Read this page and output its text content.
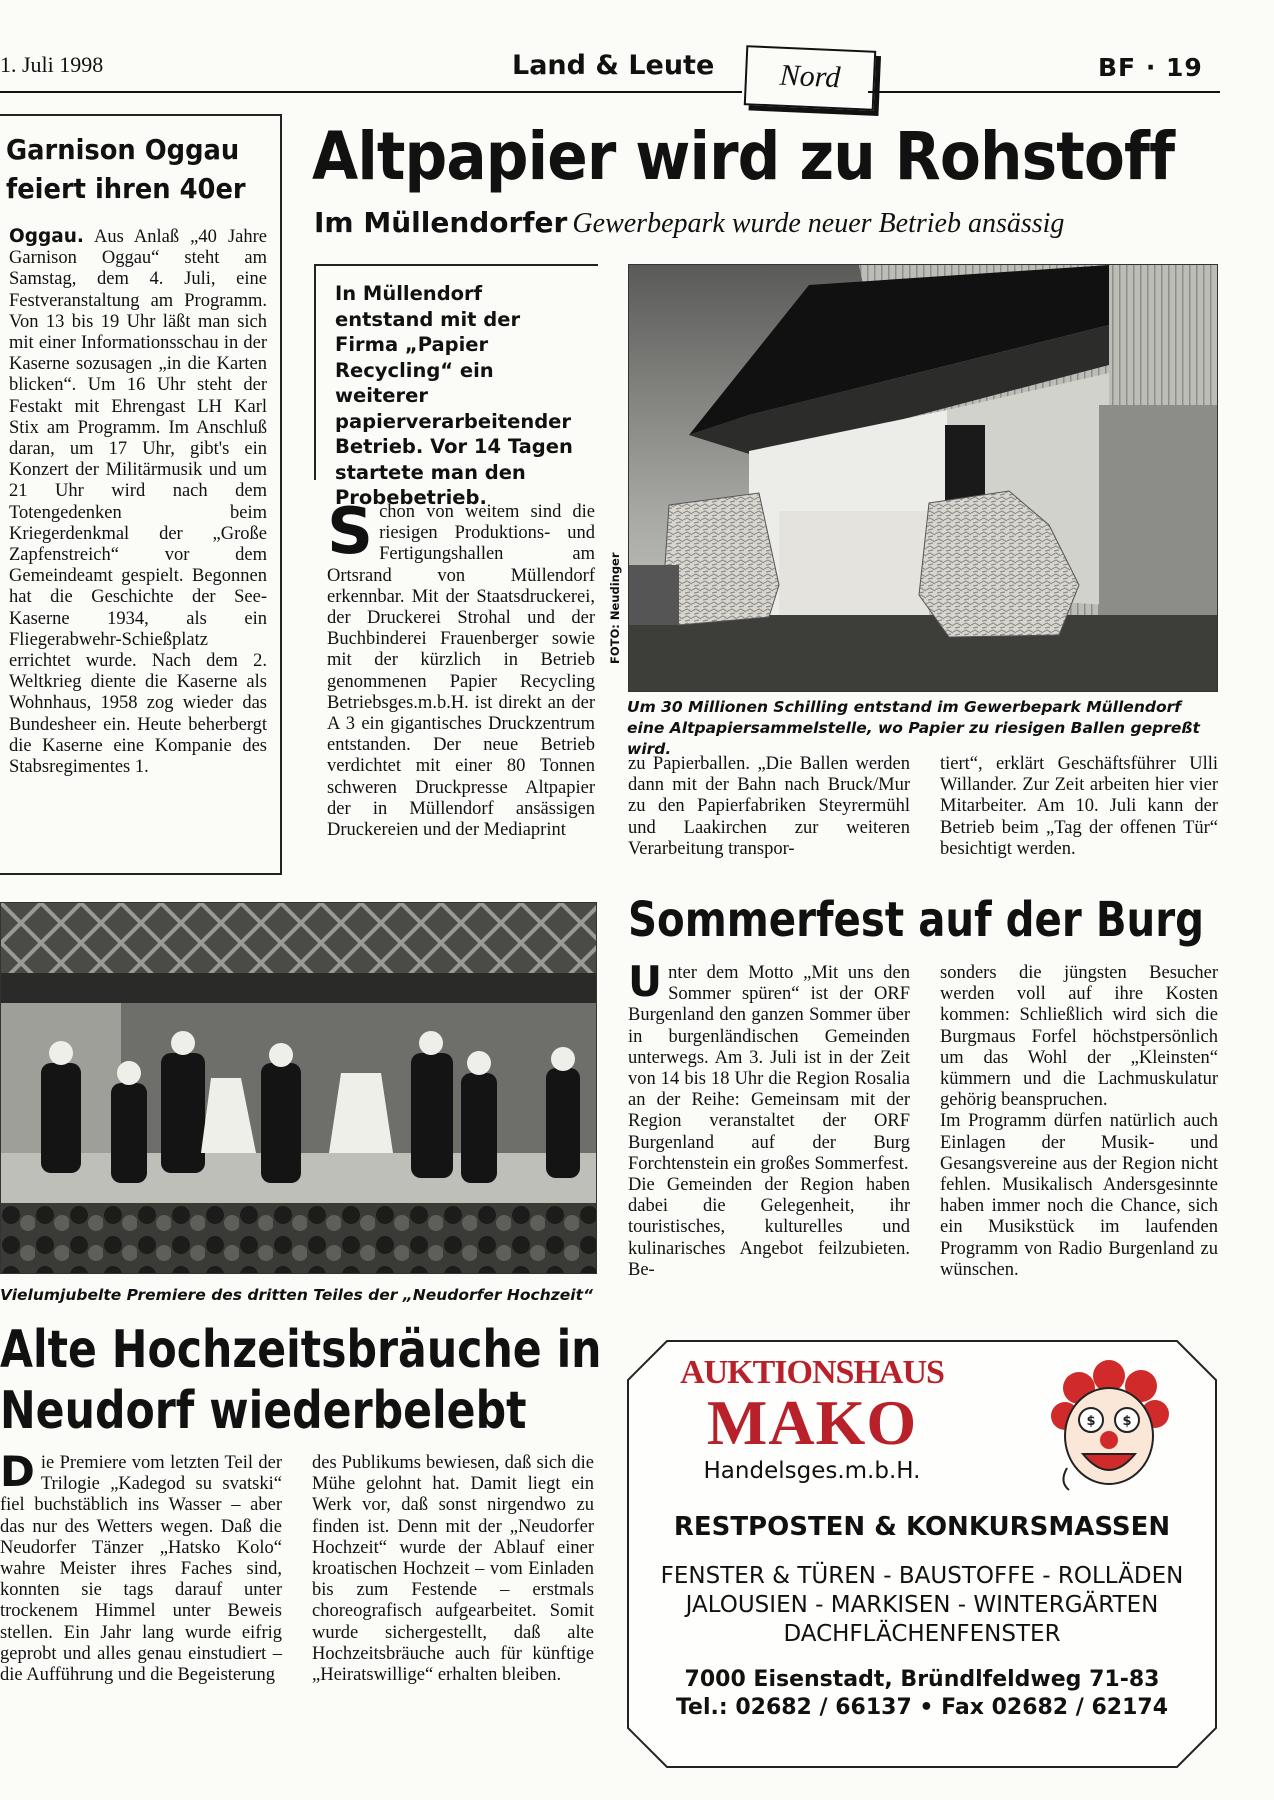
1. Juli 1998	Land & Leute	Nord	BF · 19
Garnison Oggau
feiert ihren 40er
Oggau. Aus Anlaß „40 Jahre Garnison Oggau“ steht am Samstag, dem 4. Juli, eine Festveranstaltung am Programm. Von 13 bis 19 Uhr läßt man sich mit einer Informationsschau in der Kaserne sozusagen „in die Karten blicken“. Um 16 Uhr steht der Festakt mit Ehrengast LH Karl Stix am Programm. Im Anschluß daran, um 17 Uhr, gibt's ein Konzert der Militärmusik und um 21 Uhr wird nach dem Totengedenken beim Kriegerdenkmal der „Große Zapfenstreich“ vor dem Gemeindeamt gespielt. Begonnen hat die Geschichte der See-Kaserne 1934, als ein Fliegerabwehr-Schießplatz errichtet wurde. Nach dem 2. Weltkrieg diente die Kaserne als Wohnhaus, 1958 zog wieder das Bundesheer ein. Heute beherbergt die Kaserne eine Kompanie des Stabsregimentes 1.
Altpapier wird zu Rohstoff
Im Müllendorfer Gewerbepark wurde neuer Betrieb ansässig
In Müllendorf entstand mit der Firma „Papier Recycling“ ein weiterer papierverarbeitender Betrieb. Vor 14 Tagen startete man den Probebetrieb.
Schon von weitem sind die riesigen Produktions- und Fertigungshallen am Ortsrand von Müllendorf erkennbar. Mit der Staatsdruckerei, der Druckerei Strohal und der Buchbinderei Frauenberger sowie mit der kürzlich in Betrieb genommenen Papier Recycling Betriebsges.m.b.H. ist direkt an der A 3 ein gigantisches Druckzentrum entstanden. Der neue Betrieb verdichtet mit einer 80 Tonnen schweren Druckpresse Altpapier der in Müllendorf ansässigen Druckereien und der Mediaprint
FOTO: Neudinger
Um 30 Millionen Schilling entstand im Gewerbepark Müllendorf eine Altpapiersammelstelle, wo Papier zu riesigen Ballen gepreßt wird.
zu Papierballen. „Die Ballen werden dann mit der Bahn nach Bruck/Mur zu den Papierfabriken Steyrermühl und Laakirchen zur weiteren Verarbeitung transpor-
tiert“, erklärt Geschäftsführer Ulli Willander. Zur Zeit arbeiten hier vier Mitarbeiter. Am 10. Juli kann der Betrieb beim „Tag der offenen Tür“ besichtigt werden.
Vielumjubelte Premiere des dritten Teiles der „Neudorfer Hochzeit“
Alte Hochzeitsbräuche in
Neudorf wiederbelebt
Die Premiere vom letzten Teil der Trilogie „Kadegod su svatski“ fiel buchstäblich ins Wasser – aber das nur des Wetters wegen. Daß die Neudorfer Tänzer „Hatsko Kolo“ wahre Meister ihres Faches sind, konnten sie tags darauf unter trockenem Himmel unter Beweis stellen. Ein Jahr lang wurde eifrig geprobt und alles genau einstudiert – die Aufführung und die Begeisterung
des Publikums bewiesen, daß sich die Mühe gelohnt hat. Damit liegt ein Werk vor, daß sonst nirgendwo zu finden ist. Denn mit der „Neudorfer Hochzeit“ wurde der Ablauf einer kroatischen Hochzeit – vom Einladen bis zum Festende – erstmals choreografisch aufgearbeitet. Somit wurde sichergestellt, daß alte Hochzeitsbräuche auch für künftige „Heiratswillige“ erhalten bleiben.
Sommerfest auf der Burg
Unter dem Motto „Mit uns den Sommer spüren“ ist der ORF Burgenland den ganzen Sommer über in burgenländischen Gemeinden unterwegs. Am 3. Juli ist in der Zeit von 14 bis 18 Uhr die Region Rosalia an der Reihe: Gemeinsam mit der Region veranstaltet der ORF Burgenland auf der Burg Forchtenstein ein großes Sommerfest.
Die Gemeinden der Region haben dabei die Gelegenheit, ihr touristisches, kulturelles und kulinarisches Angebot feilzubieten. Be-
sonders die jüngsten Besucher werden voll auf ihre Kosten kommen: Schließlich wird sich die Burgmaus Forfel höchstpersönlich um das Wohl der „Kleinsten“ kümmern und die Lachmuskulatur gehörig beanspruchen.
Im Programm dürfen natürlich auch Einlagen der Musik- und Gesangsvereine aus der Region nicht fehlen. Musikalisch Andersgesinnte haben immer noch die Chance, sich ein Musikstück im laufenden Programm von Radio Burgenland zu wünschen.
AUKTIONSHAUS
MAKO
Handelsges.m.b.H.
$ $
RESTPOSTEN & KONKURSMASSEN
FENSTER & TÜREN - BAUSTOFFE - ROLLÄDEN
JALOUSIEN - MARKISEN - WINTERGÄRTEN
DACHFLÄCHENFENSTER
7000 Eisenstadt, Bründlfeldweg 71-83
Tel.: 02682 / 66137 • Fax 02682 / 62174
